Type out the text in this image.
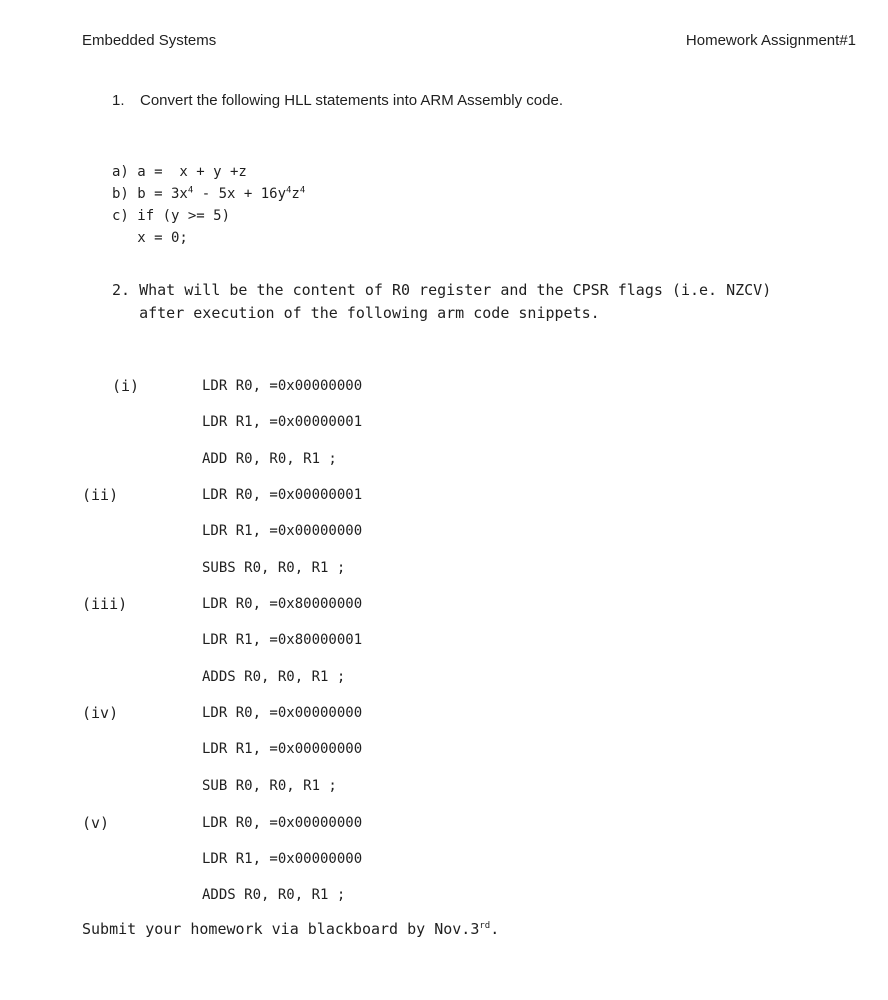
Embedded Systems	Homework Assignment#1
1. Convert the following HLL statements into ARM Assembly code.
a) a =  x + y +z
b) $b = 3x^4 - 5x + 16y^4z^4$
c) if (y >= 5)
x = 0;
2. What will be the content of R0 register and the CPSR flags (i.e. NZCV)
after execution of the following arm code snippets.
(i)	LDR R0, =0x00000000
LDR R1, =0x00000001
ADD R0, R0, R1 ;
(ii)	LDR R0, =0x00000001
LDR R1, =0x00000000
SUBS R0, R0, R1 ;
(iii)	LDR R0, =0x80000000
LDR R1, =0x80000001
ADDS R0, R0, R1 ;
(iv)	LDR R0, =0x00000000
LDR R1, =0x00000000
SUB R0, R0, R1 ;
(v)	LDR R0, =0x00000000
LDR R1, =0x00000000
ADDS R0, R0, R1 ;
Submit your homework via blackboard by Nov.3rd.
